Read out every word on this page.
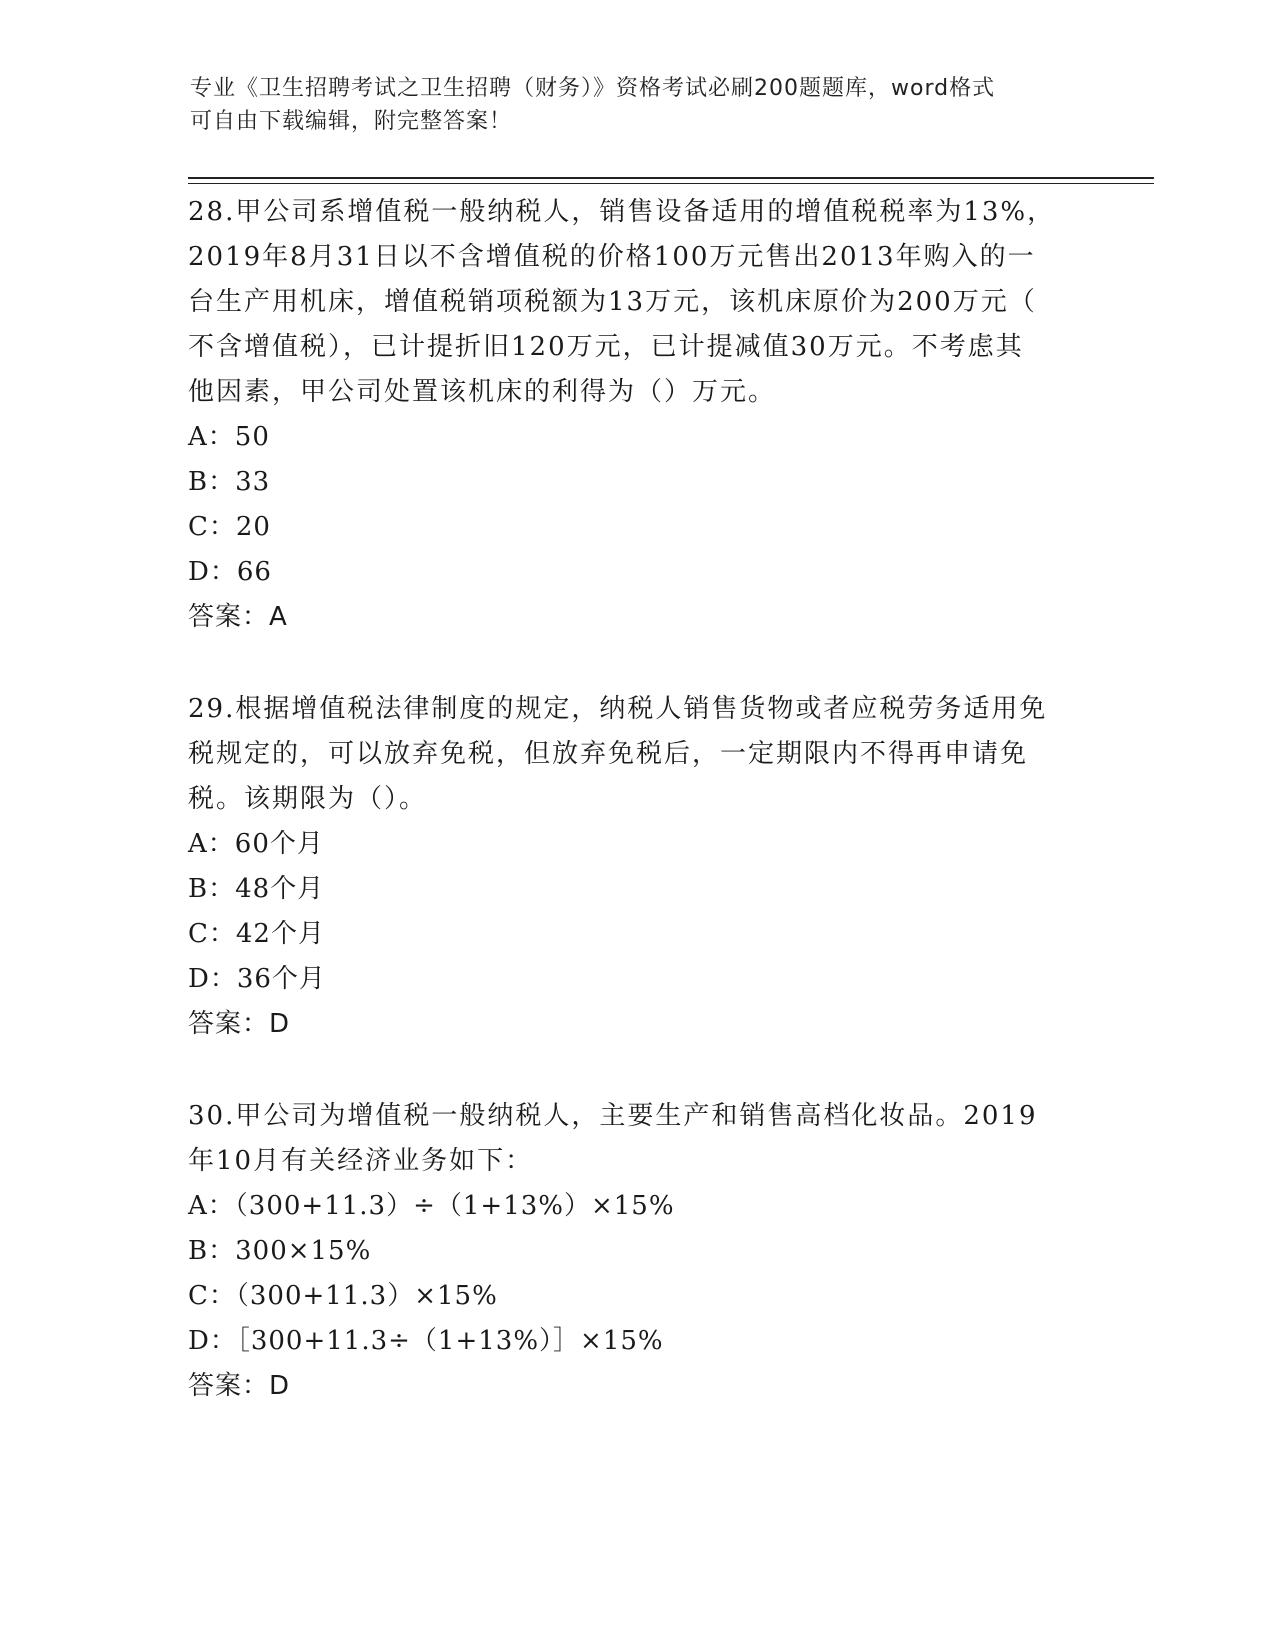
专业《卫生招聘考试之卫生招聘（财务）》资格考试必刷200题题库，word格式
可自由下载编辑，附完整答案！
28.甲公司系增值税一般纳税人，销售设备适用的增值税税率为13%，
2019年8月31日以不含增值税的价格100万元售出2013年购入的一
台生产用机床，增值税销项税额为13万元，该机床原价为200万元（
不含增值税），已计提折旧120万元，已计提减值30万元。不考虑其
他因素，甲公司处置该机床的利得为（）万元。
A：50
B：33
C：20
D：66
答案：A
29.根据增值税法律制度的规定，纳税人销售货物或者应税劳务适用免
税规定的，可以放弃免税，但放弃免税后，一定期限内不得再申请免
税。该期限为（）。
A：60个月
B：48个月
C：42个月
D：36个月
答案：D
30.甲公司为增值税一般纳税人，主要生产和销售高档化妆品。2019
年10月有关经济业务如下：
A：（300+11.3）÷（1+13%）×15%
B：300×15%
C：（300+11.3）×15%
D：［300+11.3÷（1+13%）］×15%
答案：D
